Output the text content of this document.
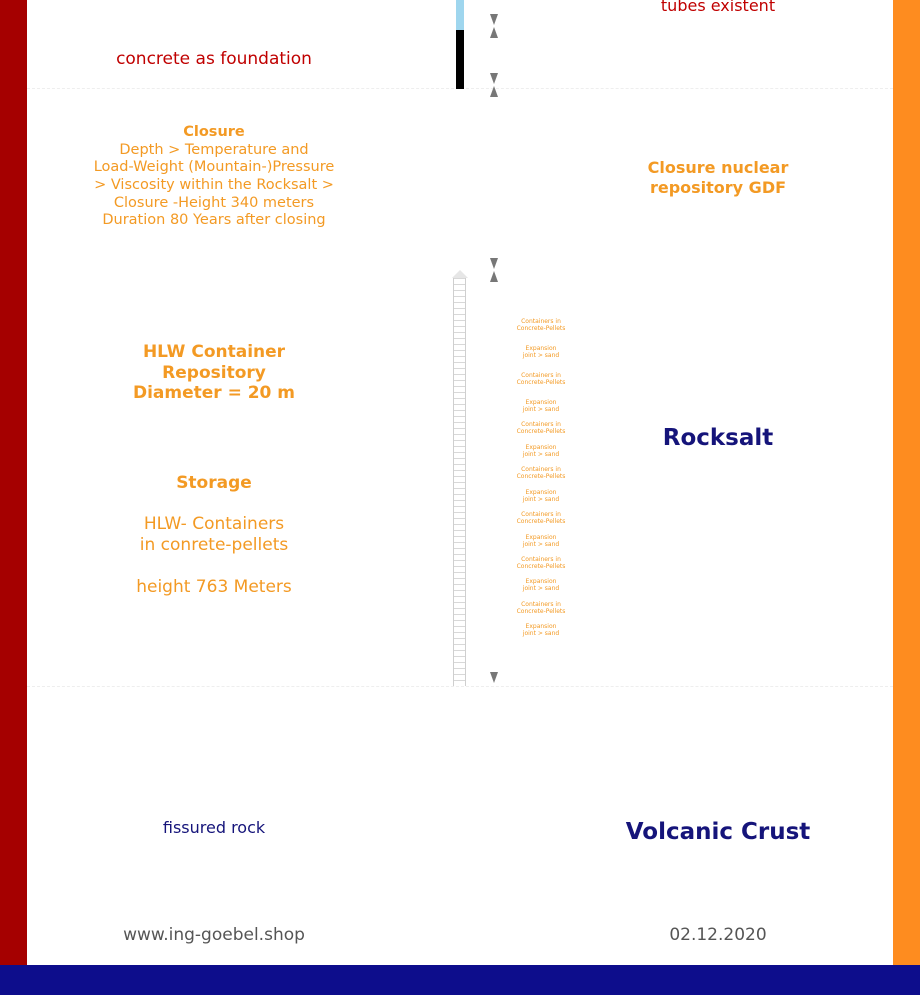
tubes existent
concrete as foundation
Closure
Depth > Temperature and
Load-Weight (Mountain-)Pressure
> Viscosity within the Rocksalt >
Closure -Height 340 meters
Duration 80 Years after closing
Closure nuclear
repository GDF
Containers in
Concrete-Pellets
Expansion
joint > sand
Containers in
Concrete-Pellets
Expansion
joint > sand
Containers in
Concrete-Pellets
Expansion
joint > sand
Containers in
Concrete-Pellets
Expansion
joint > sand
Containers in
Concrete-Pellets
Expansion
joint > sand
Containers in
Concrete-Pellets
Expansion
joint > sand
Containers in
Concrete-Pellets
Expansion
joint > sand
HLW Container
Repository
Diameter = 20 m
Storage
HLW- Containers
in conrete-pellets
height 763 Meters
Rocksalt
fissured rock	Volcanic Crust
www.ing-goebel.shop	02.12.2020
